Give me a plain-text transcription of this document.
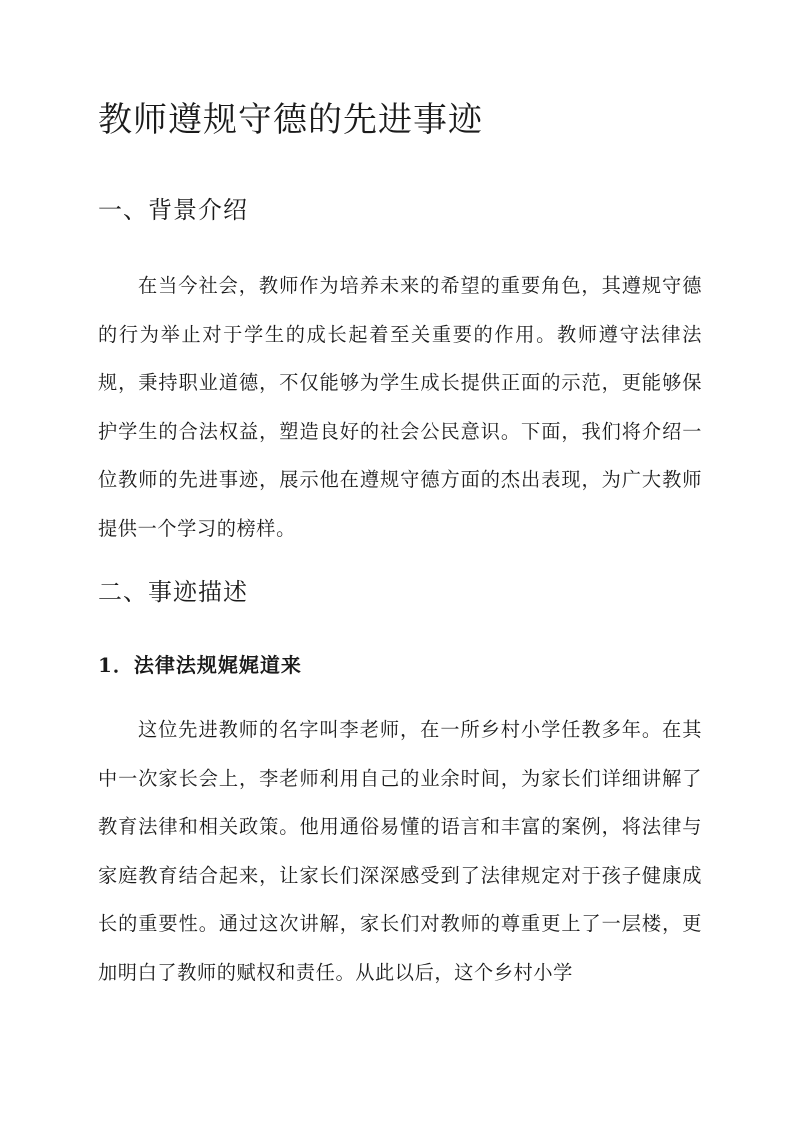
教师遵规守德的先进事迹
一、背景介绍

在当今社会，教师作为培养未来的希望的重要角色，其遵规守德的行为举止对于学生的成长起着至关重要的作用。教师遵守法律法规，秉持职业道德，不仅能够为学生成长提供正面的示范，更能够保护学生的合法权益，塑造良好的社会公民意识。下面，我们将介绍一位教师的先进事迹，展示他在遵规守德方面的杰出表现，为广大教师提供一个学习的榜样。

二、事迹描述
1．法律法规娓娓道来

这位先进教师的名字叫李老师，在一所乡村小学任教多年。在其中一次家长会上，李老师利用自己的业余时间，为家长们详细讲解了教育法律和相关政策。他用通俗易懂的语言和丰富的案例，将法律与家庭教育结合起来，让家长们深深感受到了法律规定对于孩子健康成长的重要性。通过这次讲解，家长们对教师的尊重更上了一层楼，更加明白了教师的赋权和责任。从此以后，这个乡村小学
